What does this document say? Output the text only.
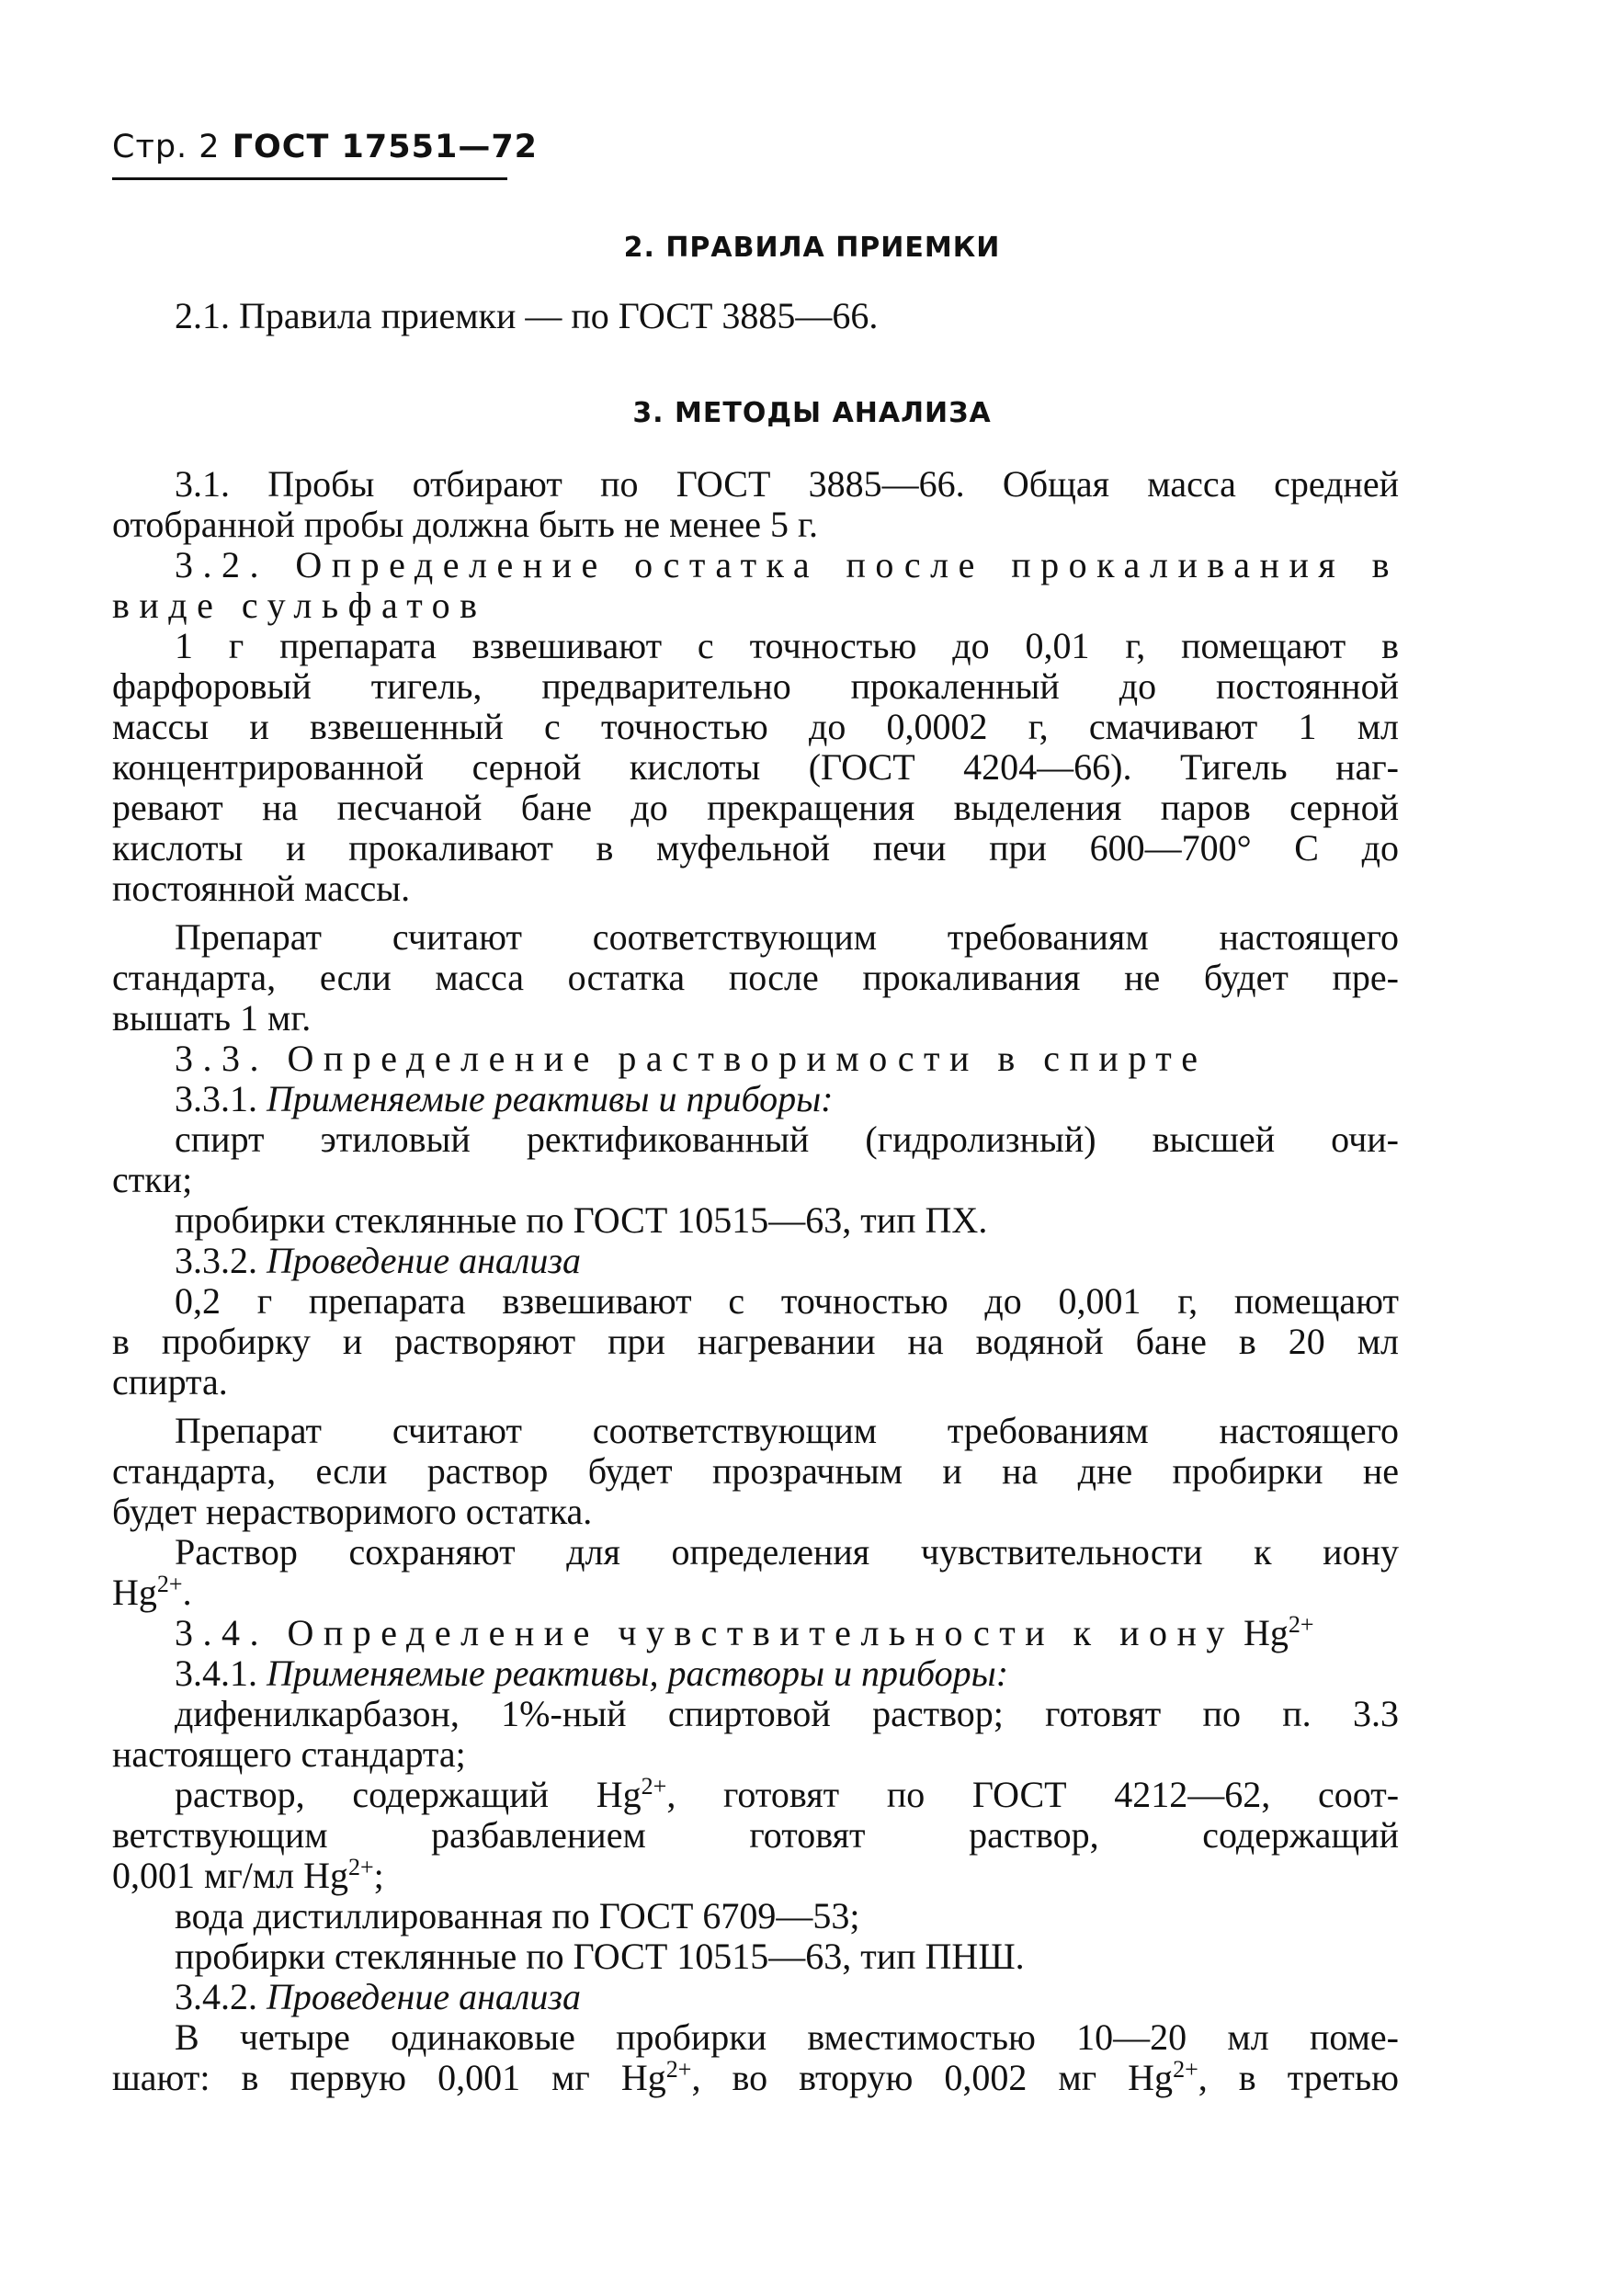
Стр. 2 ГОСТ 17551—72
2. ПРАВИЛА ПРИЕМКИ
2.1. Правила приемки — по ГОСТ 3885—66.
3. МЕТОДЫ АНАЛИЗА
3.1. Пробы отбирают по ГОСТ 3885—66. Общая масса средней
отобранной пробы должна быть не менее 5 г.
3.2. Определение остатка после прокаливания в
виде сульфатов
1 г препарата взвешивают с точностью до 0,01 г, помещают в
фарфоровый тигель, предварительно прокаленный до постоянной
массы и взвешенный с точностью до 0,0002 г, смачивают 1 мл
концентрированной серной кислоты (ГОСТ 4204—66). Тигель наг-
ревают на песчаной бане до прекращения выделения паров серной
кислоты и прокаливают в муфельной печи при 600—700° С до
постоянной массы.
Препарат считают соответствующим требованиям настоящего
стандарта, если масса остатка после прокаливания не будет пре-
вышать 1 мг.
3.3. Определение растворимости в спирте
3.3.1. Применяемые реактивы и приборы:
спирт этиловый ректификованный (гидролизный) высшей очи-
стки;
пробирки стеклянные по ГОСТ 10515—63, тип ПХ.
3.3.2. Проведение анализа
0,2 г препарата взвешивают с точностью до 0,001 г, помещают
в пробирку и растворяют при нагревании на водяной бане в 20 мл
спирта.
Препарат считают соответствующим требованиям настоящего
стандарта, если раствор будет прозрачным и на дне пробирки не
будет нерастворимого остатка.
Раствор сохраняют для определения чувствительности к иону
$Hg^{2+}$.
3.4. Определение чувствительности к иону $Hg^{2+}$
3.4.1. Применяемые реактивы, растворы и приборы:
дифенилкарбазон, 1%-ный спиртовой раствор; готовят по п. 3.3
настоящего стандарта;
раствор, содержащий $Hg^{2+}$, готовят по ГОСТ 4212—62, соот-
ветствующим разбавлением готовят раствор, содержащий
0,001 мг/мл $Hg^{2+}$;
вода дистиллированная по ГОСТ 6709—53;
пробирки стеклянные по ГОСТ 10515—63, тип ПНШ.
3.4.2. Проведение анализа
В четыре одинаковые пробирки вместимостью 10—20 мл поме-
шают: в первую 0,001 мг $Hg^{2+}$, во вторую 0,002 мг $Hg^{2+}$, в третью
